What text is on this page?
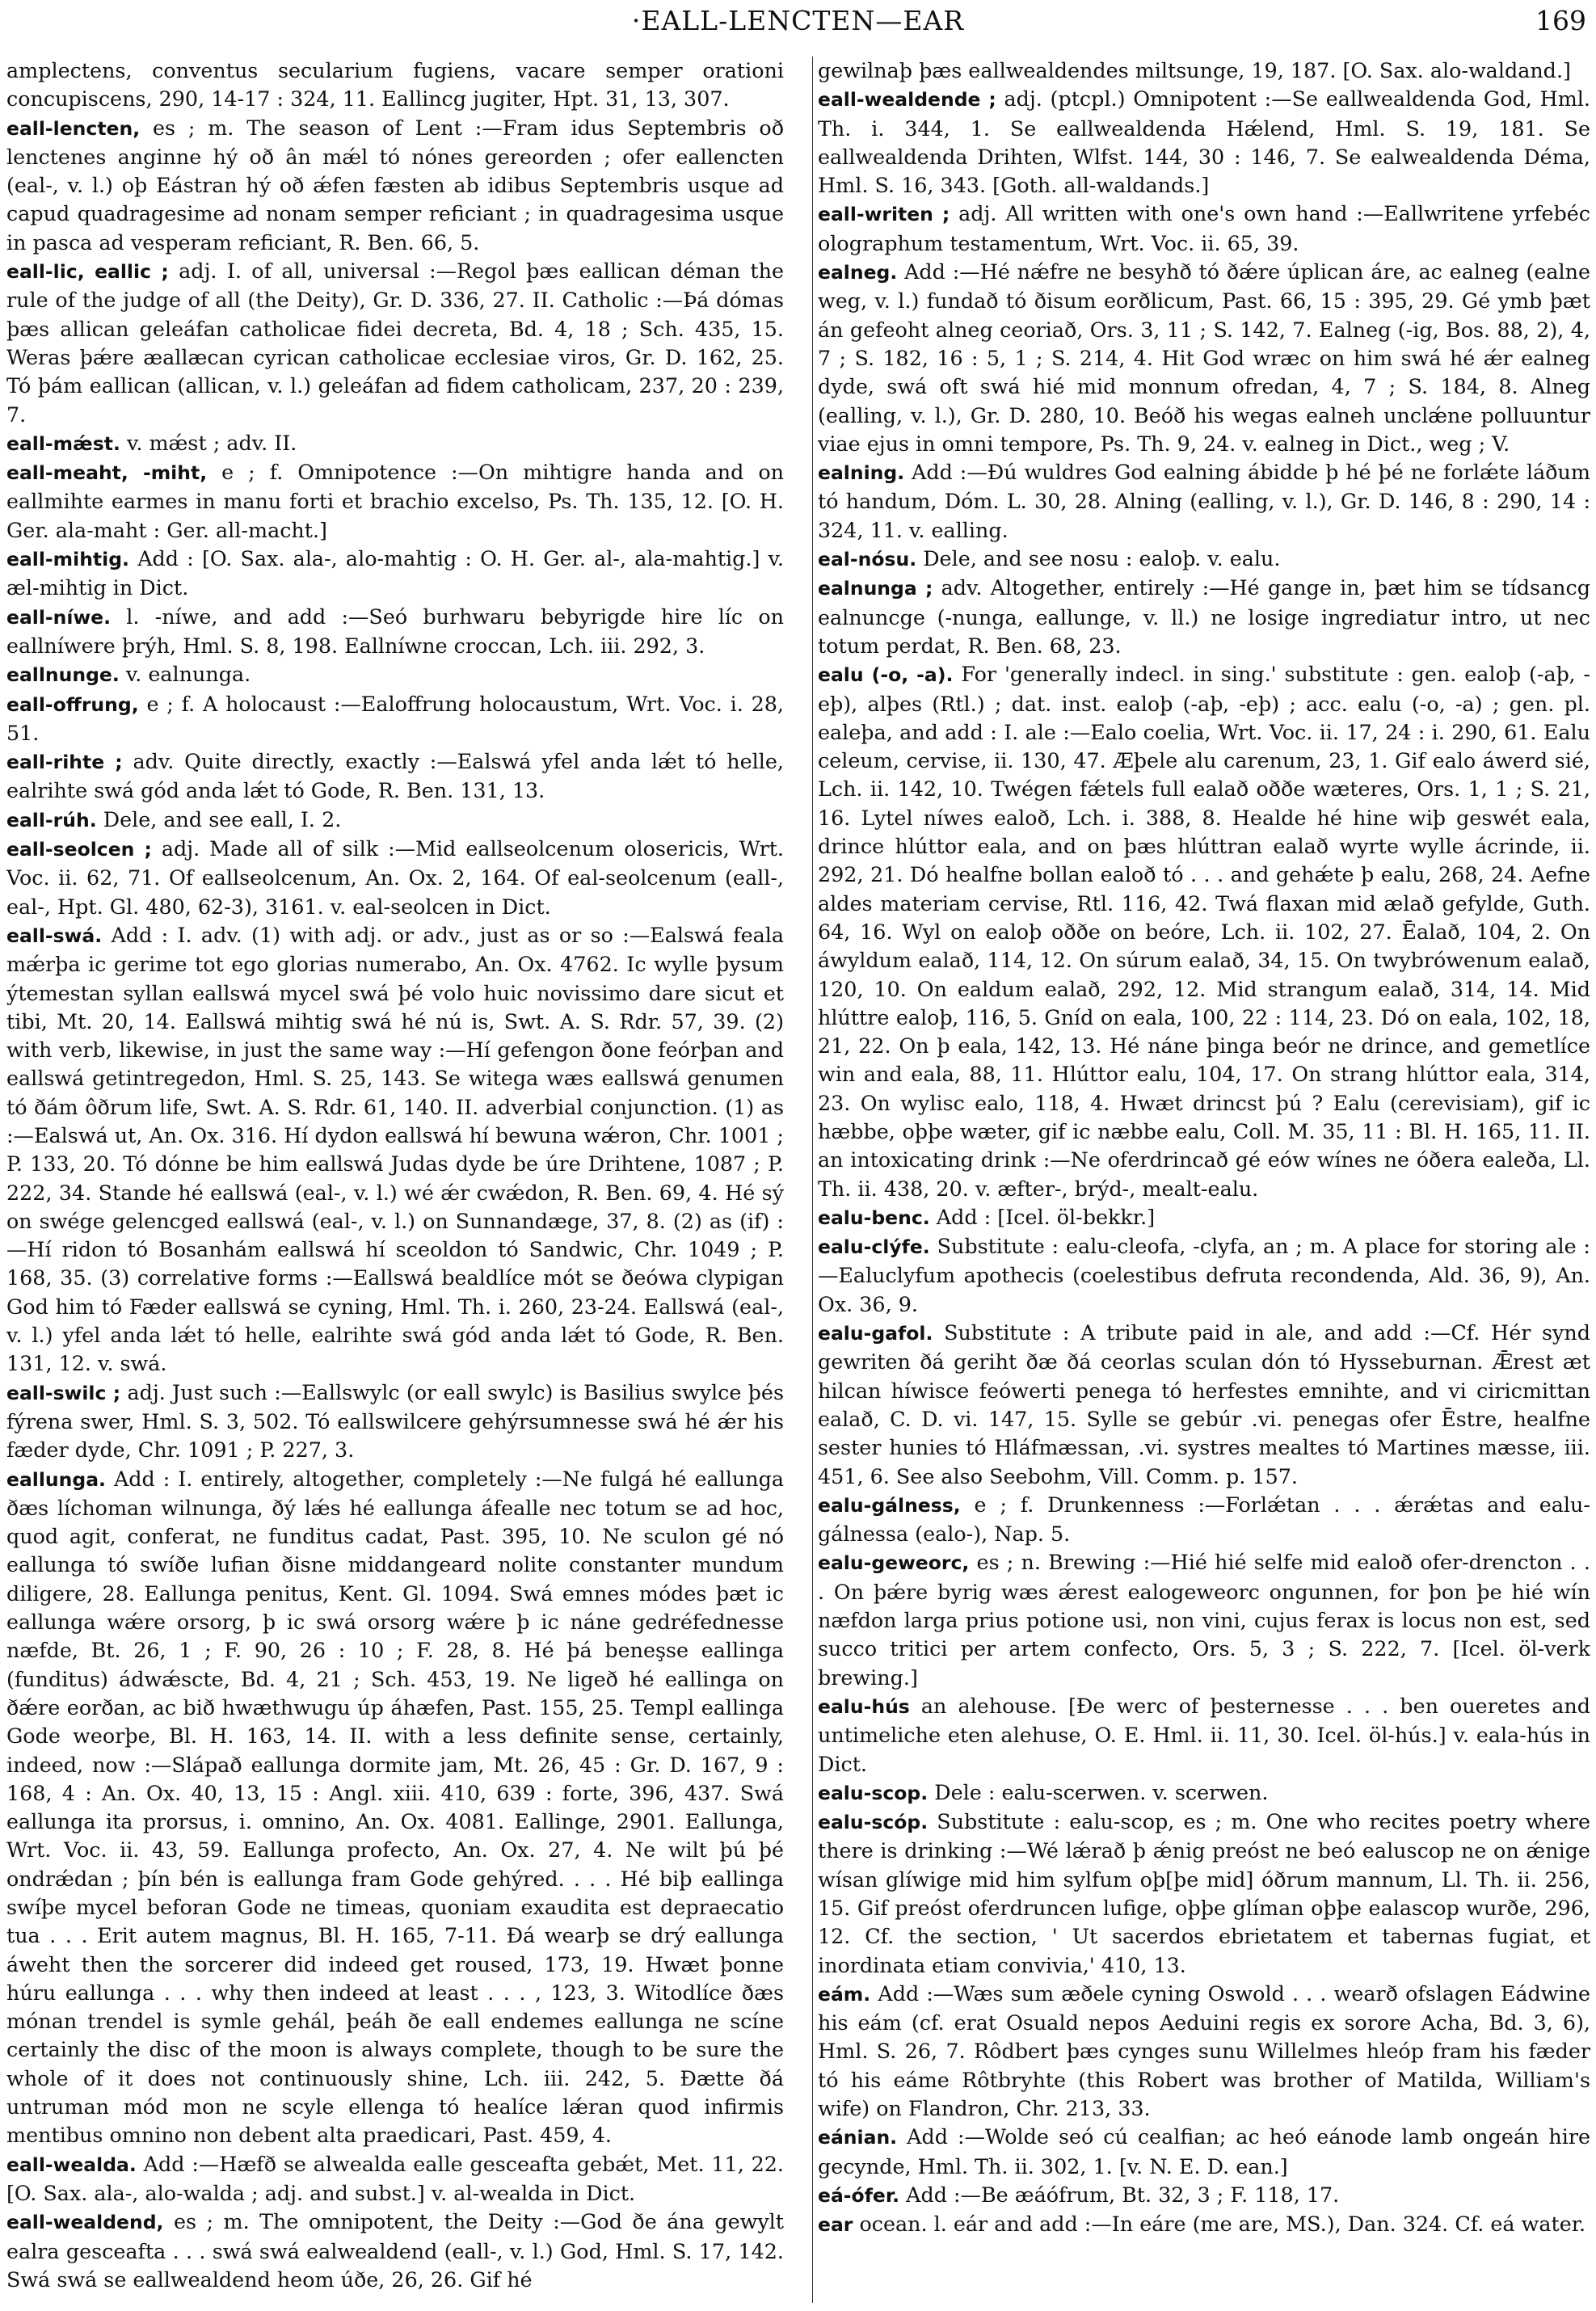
·EALL-LENCTEN—EAR	169

amplectens, conventus secularium fugiens, vacare semper orationi concupiscens, 290, 14-17 : 324, 11. Eallincg jugiter, Hpt. 31, 13, 307.

eall-lencten, es ; m. The season of Lent :—Fram idus Septembris oð lenctenes anginne hý oð ân mǽl tó nónes gereorden ; ofer eallencten (eal-, v. l.) oþ Eástran hý oð ǽfen fæsten ab idibus Septembris usque ad capud quadragesime ad nonam semper reficiant ; in quadragesima usque in pasca ad vesperam reficiant, R. Ben. 66, 5.

eall-lic, eallic ; adj. I. of all, universal :—Regol þæs eallican déman the rule of the judge of all (the Deity), Gr. D. 336, 27. II. Catholic :—Þá dómas þæs allican geleáfan catholicae fidei decreta, Bd. 4, 18 ; Sch. 435, 15. Weras þǽre æallæcan cyrican catholicae ecclesiae viros, Gr. D. 162, 25. Tó þám eallican (allican, v. l.) geleáfan ad fidem catholicam, 237, 20 : 239, 7.

eall-mǽst. v. mǽst ; adv. II.

eall-meaht, -miht, e ; f. Omnipotence :—On mihtigre handa and on eallmihte earmes in manu forti et brachio excelso, Ps. Th. 135, 12. [O. H. Ger. ala-maht : Ger. all-macht.]

eall-mihtig. Add : [O. Sax. ala-, alo-mahtig : O. H. Ger. al-, ala-mahtig.] v. æl-mihtig in Dict.

eall-níwe. l. -níwe, and add :—Seó burhwaru bebyrigde hire líc on eallníwere þrýh, Hml. S. 8, 198. Eallníwne croccan, Lch. iii. 292, 3.

eallnunge. v. ealnunga.

eall-offrung, e ; f. A holocaust :—Ealoffrung holocaustum, Wrt. Voc. i. 28, 51.

eall-rihte ; adv. Quite directly, exactly :—Ealswá yfel anda lǽt tó helle, ealrihte swá gód anda lǽt tó Gode, R. Ben. 131, 13.

eall-rúh. Dele, and see eall, I. 2.

eall-seolcen ; adj. Made all of silk :—Mid eallseolcenum olosericis, Wrt. Voc. ii. 62, 71. Of eallseolcenum, An. Ox. 2, 164. Of eal-seolcenum (eall-, eal-, Hpt. Gl. 480, 62-3), 3161. v. eal-seolcen in Dict.

eall-swá. Add : I. adv. (1) with adj. or adv., just as or so :—Ealswá feala mǽrþa ic gerime tot ego glorias numerabo, An. Ox. 4762. Ic wylle þysum ýtemestan syllan eallswá mycel swá þé volo huic novissimo dare sicut et tibi, Mt. 20, 14. Eallswá mihtig swá hé nú is, Swt. A. S. Rdr. 57, 39. (2) with verb, likewise, in just the same way :—Hí gefengon ðone feórþan and eallswá getintregedon, Hml. S. 25, 143. Se witega wæs eallswá genumen tó ðám ôðrum life, Swt. A. S. Rdr. 61, 140. II. adverbial conjunction. (1) as :—Ealswá ut, An. Ox. 316. Hí dydon eallswá hí bewuna wǽron, Chr. 1001 ; P. 133, 20. Tó dónne be him eallswá Judas dyde be úre Drihtene, 1087 ; P. 222, 34. Stande hé eallswá (eal-, v. l.) wé ǽr cwǽdon, R. Ben. 69, 4. Hé sý on swége gelencged eallswá (eal-, v. l.) on Sunnandæge, 37, 8. (2) as (if) :—Hí ridon tó Bosanhám eallswá hí sceoldon tó Sandwic, Chr. 1049 ; P. 168, 35. (3) correlative forms :—Eallswá bealdlíce mót se ðeówa clypigan God him tó Fæder eallswá se cyning, Hml. Th. i. 260, 23-24. Eallswá (eal-, v. l.) yfel anda lǽt tó helle, ealrihte swá gód anda lǽt tó Gode, R. Ben. 131, 12. v. swá.

eall-swilc ; adj. Just such :—Eallswylc (or eall swylc) is Basilius swylce þés fýrena swer, Hml. S. 3, 502. Tó eallswilcere gehýrsumnesse swá hé ǽr his fæder dyde, Chr. 1091 ; P. 227, 3.

eallunga. Add : I. entirely, altogether, completely :—Ne fulgá hé eallunga ðæs líchoman wilnunga, ðý lǽs hé eallunga áfealle nec totum se ad hoc, quod agit, conferat, ne funditus cadat, Past. 395, 10. Ne sculon gé nó eallunga tó swíðe lufian ðisne middangeard nolite constanter mundum diligere, 28. Eallunga penitus, Kent. Gl. 1094. Swá emnes módes þæt ic eallunga wǽre orsorg, þ ic swá orsorg wǽre þ ic náne gedréfednesse næfde, Bt. 26, 1 ; F. 90, 26 : 10 ; F. 28, 8. Hé þá beneşse eallinga (funditus) ádwǽscte, Bd. 4, 21 ; Sch. 453, 19. Ne ligeð hé eallinga on ðǽre eorðan, ac bið hwæthwugu úp áhæfen, Past. 155, 25. Templ eallinga Gode weorþe, Bl. H. 163, 14. II. with a less definite sense, certainly, indeed, now :—Slápað eallunga dormite jam, Mt. 26, 45 : Gr. D. 167, 9 : 168, 4 : An. Ox. 40, 13, 15 : Angl. xiii. 410, 639 : forte, 396, 437. Swá eallunga ita prorsus, i. omnino, An. Ox. 4081. Eallinge, 2901. Eallunga, Wrt. Voc. ii. 43, 59. Eallunga profecto, An. Ox. 27, 4. Ne wilt þú þé ondrǽdan ; þín bén is eallunga fram Gode gehýred. . . . Hé biþ eallinga swíþe mycel beforan Gode ne timeas, quoniam exaudita est depraecatio tua . . . Erit autem magnus, Bl. H. 165, 7-11. Ðá wearþ se drý eallunga áweht then the sorcerer did indeed get roused, 173, 19. Hwæt þonne húru eallunga . . . why then indeed at least . . . , 123, 3. Witodlíce ðæs mónan trendel is symle gehál, þeáh ðe eall endemes eallunga ne scíne certainly the disc of the moon is always complete, though to be sure the whole of it does not continuously shine, Lch. iii. 242, 5. Ðætte ðá untruman mód mon ne scyle ellenga tó healíce lǽran quod infirmis mentibus omnino non debent alta praedicari, Past. 459, 4.

eall-wealda. Add :—Hæfð se alwealda ealle gesceafta gebǽt, Met. 11, 22. [O. Sax. ala-, alo-walda ; adj. and subst.] v. al-wealda in Dict.

eall-wealdend, es ; m. The omnipotent, the Deity :—God ðe ána gewylt ealra gesceafta . . . swá swá ealwealdend (eall-, v. l.) God, Hml. S. 17, 142. Swá swá se eallwealdend heom úðe, 26, 26. Gif hé

gewilnaþ þæs eallwealdendes miltsunge, 19, 187. [O. Sax. alo-waldand.]

eall-wealdende ; adj. (ptcpl.) Omnipotent :—Se eallwealdenda God, Hml. Th. i. 344, 1. Se eallwealdenda Hǽlend, Hml. S. 19, 181. Se eallwealdenda Drihten, Wlfst. 144, 30 : 146, 7. Se ealwealdenda Déma, Hml. S. 16, 343. [Goth. all-waldands.]

eall-writen ; adj. All written with one's own hand :—Eallwritene yrfebéc olographum testamentum, Wrt. Voc. ii. 65, 39.

ealneg. Add :—Hé nǽfre ne besyhð tó ðǽre úplican áre, ac ealneg (ealne weg, v. l.) fundað tó ðisum eorðlicum, Past. 66, 15 : 395, 29. Gé ymb þæt án gefeoht alneg ceoriað, Ors. 3, 11 ; S. 142, 7. Ealneg (-ig, Bos. 88, 2), 4, 7 ; S. 182, 16 : 5, 1 ; S. 214, 4. Hit God wræc on him swá hé ǽr ealneg dyde, swá oft swá hié mid monnum ofredan, 4, 7 ; S. 184, 8. Alneg (ealling, v. l.), Gr. D. 280, 10. Beóð his wegas ealneh unclǽne polluuntur viae ejus in omni tempore, Ps. Th. 9, 24. v. ealneg in Dict., weg ; V.

ealning. Add :—Ðú wuldres God ealning ábidde þ hé þé ne forlǽte láðum tó handum, Dóm. L. 30, 28. Alning (ealling, v. l.), Gr. D. 146, 8 : 290, 14 : 324, 11. v. ealling.

eal-nósu. Dele, and see nosu : ealoþ. v. ealu.

ealnunga ; adv. Altogether, entirely :—Hé gange in, þæt him se tídsancg ealnuncge (-nunga, eallunge, v. ll.) ne losige ingrediatur intro, ut nec totum perdat, R. Ben. 68, 23.

ealu (-o, -a). For 'generally indecl. in sing.' substitute : gen. ealoþ (-aþ, -eþ), alþes (Rtl.) ; dat. inst. ealoþ (-aþ, -eþ) ; acc. ealu (-o, -a) ; gen. pl. ealeþa, and add : I. ale :—Ealo coelia, Wrt. Voc. ii. 17, 24 : i. 290, 61. Ealu celeum, cervise, ii. 130, 47. Æþele alu carenum, 23, 1. Gif ealo áwerd sié, Lch. ii. 142, 10. Twégen fǽtels full ealað oððe wæteres, Ors. 1, 1 ; S. 21, 16. Lytel níwes ealoð, Lch. i. 388, 8. Healde hé hine wiþ geswét eala, drince hlúttor eala, and on þæs hlúttran ealað wyrte wylle ácrinde, ii. 292, 21. Dó healfne bollan ealoð tó . . . and gehǽte þ ealu, 268, 24. Aefne aldes materiam cervise, Rtl. 116, 42. Twá flaxan mid ælað gefylde, Guth. 64, 16. Wyl on ealoþ oððe on beóre, Lch. ii. 102, 27. Ēalað, 104, 2. On áwyldum ealað, 114, 12. On súrum ealað, 34, 15. On twybrówenum ealað, 120, 10. On ealdum ealað, 292, 12. Mid strangum ealað, 314, 14. Mid hlúttre ealoþ, 116, 5. Gníd on eala, 100, 22 : 114, 23. Dó on eala, 102, 18, 21, 22. On þ eala, 142, 13. Hé náne þinga beór ne drince, and gemetlíce win and eala, 88, 11. Hlúttor ealu, 104, 17. On strang hlúttor eala, 314, 23. On wylisc ealo, 118, 4. Hwæt drincst þú ? Ealu (cerevisiam), gif ic hæbbe, oþþe wæter, gif ic næbbe ealu, Coll. M. 35, 11 : Bl. H. 165, 11. II. an intoxicating drink :—Ne oferdrincað gé eów wínes ne óðera ealeða, Ll. Th. ii. 438, 20. v. æfter-, brýd-, mealt-ealu.

ealu-benc. Add : [Icel. öl-bekkr.]

ealu-clýfe. Substitute : ealu-cleofa, -clyfa, an ; m. A place for storing ale :—Ealuclyfum apothecis (coelestibus defruta recondenda, Ald. 36, 9), An. Ox. 36, 9.

ealu-gafol. Substitute : A tribute paid in ale, and add :—Cf. Hér synd gewriten ðá geriht ðæ ðá ceorlas sculan dón tó Hysseburnan. Ǣrest æt hilcan híwisce feówerti penega tó herfestes emnihte, and vi ciricmittan ealað, C. D. vi. 147, 15. Sylle se gebúr .vi. penegas ofer Ēstre, healfne sester hunies tó Hláfmæssan, .vi. systres mealtes tó Martines mæsse, iii. 451, 6. See also Seebohm, Vill. Comm. p. 157.

ealu-gálness, e ; f. Drunkenness :—Forlǽtan . . . ǽrǽtas and ealu-gálnessa (ealo-), Nap. 5.

ealu-geweorc, es ; n. Brewing :—Hié hié selfe mid ealoð ofer-drencton . . . On þǽre byrig wæs ǽrest ealogeweorc ongunnen, for þon þe hié wín næfdon larga prius potione usi, non vini, cujus ferax is locus non est, sed succo tritici per artem confecto, Ors. 5, 3 ; S. 222, 7. [Icel. öl-verk brewing.]

ealu-hús an alehouse. [Ðe werc of þesternesse . . . ben oueretes and untimeliche eten alehuse, O. E. Hml. ii. 11, 30. Icel. öl-hús.] v. eala-hús in Dict.

ealu-scop. Dele : ealu-scerwen. v. scerwen.

ealu-scóp. Substitute : ealu-scop, es ; m. One who recites poetry where there is drinking :—Wé lǽrað þ ǽnig preóst ne beó ealuscop ne on ǽnige wísan glíwige mid him sylfum oþ[þe mid] óðrum mannum, Ll. Th. ii. 256, 15. Gif preóst oferdruncen lufige, oþþe glíman oþþe ealascop wurðe, 296, 12. Cf. the section, ' Ut sacerdos ebrietatem et tabernas fugiat, et inordinata etiam convivia,' 410, 13.

eám. Add :—Wæs sum æðele cyning Oswold . . . wearð ofslagen Eádwine his eám (cf. erat Osuald nepos Aeduini regis ex sorore Acha, Bd. 3, 6), Hml. S. 26, 7. Rôdbert þæs cynges sunu Willelmes hleóp fram his fæder tó his eáme Rôtbryhte (this Robert was brother of Matilda, William's wife) on Flandron, Chr. 213, 33.

eánian. Add :—Wolde seó cú cealfian; ac heó eánode lamb ongeán hire gecynde, Hml. Th. ii. 302, 1. [v. N. E. D. ean.]

eá-ófer. Add :—Be æáófrum, Bt. 32, 3 ; F. 118, 17.

ear ocean. l. eár and add :—In eáre (me are, MS.), Dan. 324. Cf. eá water.
